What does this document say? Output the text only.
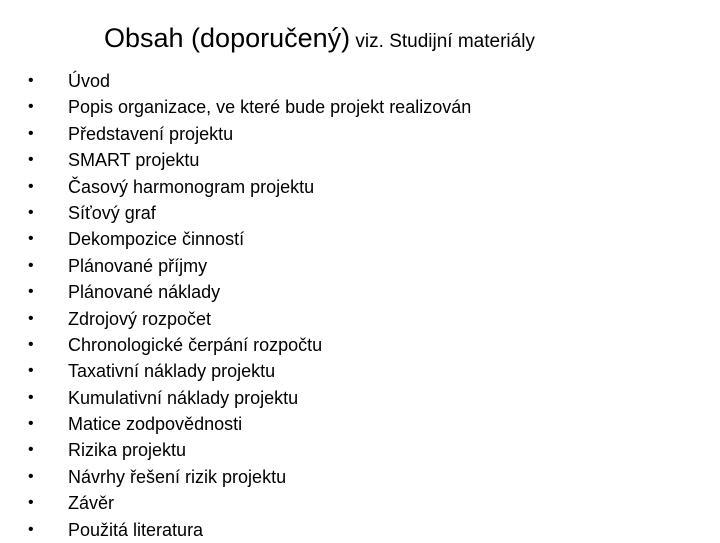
Obsah (doporučený) viz. Studijní materiály
•	Úvod
•	Popis organizace, ve které bude projekt realizován
•	Představení projektu
•	SMART projektu
•	Časový harmonogram projektu
•	Síťový graf
•	Dekompozice činností
•	Plánované příjmy
•	Plánované náklady
•	Zdrojový rozpočet
•	Chronologické čerpání rozpočtu
•	Taxativní náklady projektu
•	Kumulativní náklady projektu
•	Matice zodpovědnosti
•	Rizika projektu
•	Návrhy řešení rizik projektu
•	Závěr
•	Použitá literatura
